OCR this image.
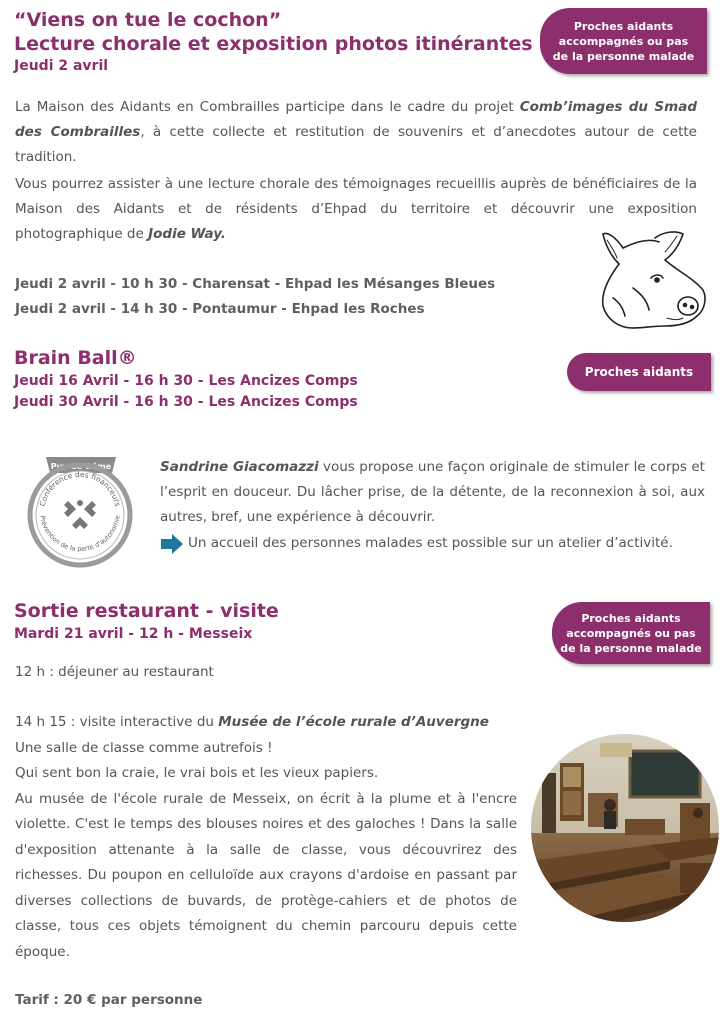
“Viens on tue le cochon”
Lecture chorale et exposition photos itinérantes
Jeudi 2 avril
Proches aidants
accompagnés ou pas
de la personne malade

La Maison des Aidants en Combrailles participe dans le cadre du projet Comb’images du Smad des Combrailles, à cette collecte et restitution de souvenirs et d’anecdotes autour de cette tradition.

Vous pourrez assister à une lecture chorale des témoignages recueillis auprès de bénéficiaires de la Maison des Aidants et de résidents d’Ehpad du territoire et découvrir une exposition photographique de Jodie Way.

Jeudi 2 avril - 10 h 30 - Charensat - Ehpad les Mésanges Bleues
Jeudi 2 avril - 14 h 30 - Pontaumur - Ehpad les Roches
Brain Ball®
Jeudi 16 Avril - 16 h 30 - Les Ancizes Comps
Jeudi 30 Avril - 16 h 30 - Les Ancizes Comps
Proches aidants
Puy-de-Dôme
Conférence des financeurs
Prévention de la perte d’autonomie

Sandrine Giacomazzi vous propose une façon originale de stimuler le corps et l’esprit en douceur. Du lâcher prise, de la détente, de la reconnexion à soi, aux autres, bref, une expérience à découvrir.

Un accueil des personnes malades est possible sur un atelier d’activité.
Sortie restaurant - visite
Mardi 21 avril - 12 h - Messeix
Proches aidants
accompagnés ou pas
de la personne malade

12 h : déjeuner au restaurant

14 h 15 : visite interactive du Musée de l’école rurale d’Auvergne

Une salle de classe comme autrefois !

Qui sent bon la craie, le vrai bois et les vieux papiers.

Au musée de l'école rurale de Messeix, on écrit à la plume et à l'encre violette. C'est le temps des blouses noires et des galoches ! Dans la salle d'exposition attenante à la salle de classe, vous découvrirez des richesses. Du poupon en celluloïde aux crayons d'ardoise en passant par diverses collections de buvards, de protège-cahiers et de photos de classe, tous ces objets témoignent du chemin parcouru depuis cette époque.

Tarif : 20 € par personne
